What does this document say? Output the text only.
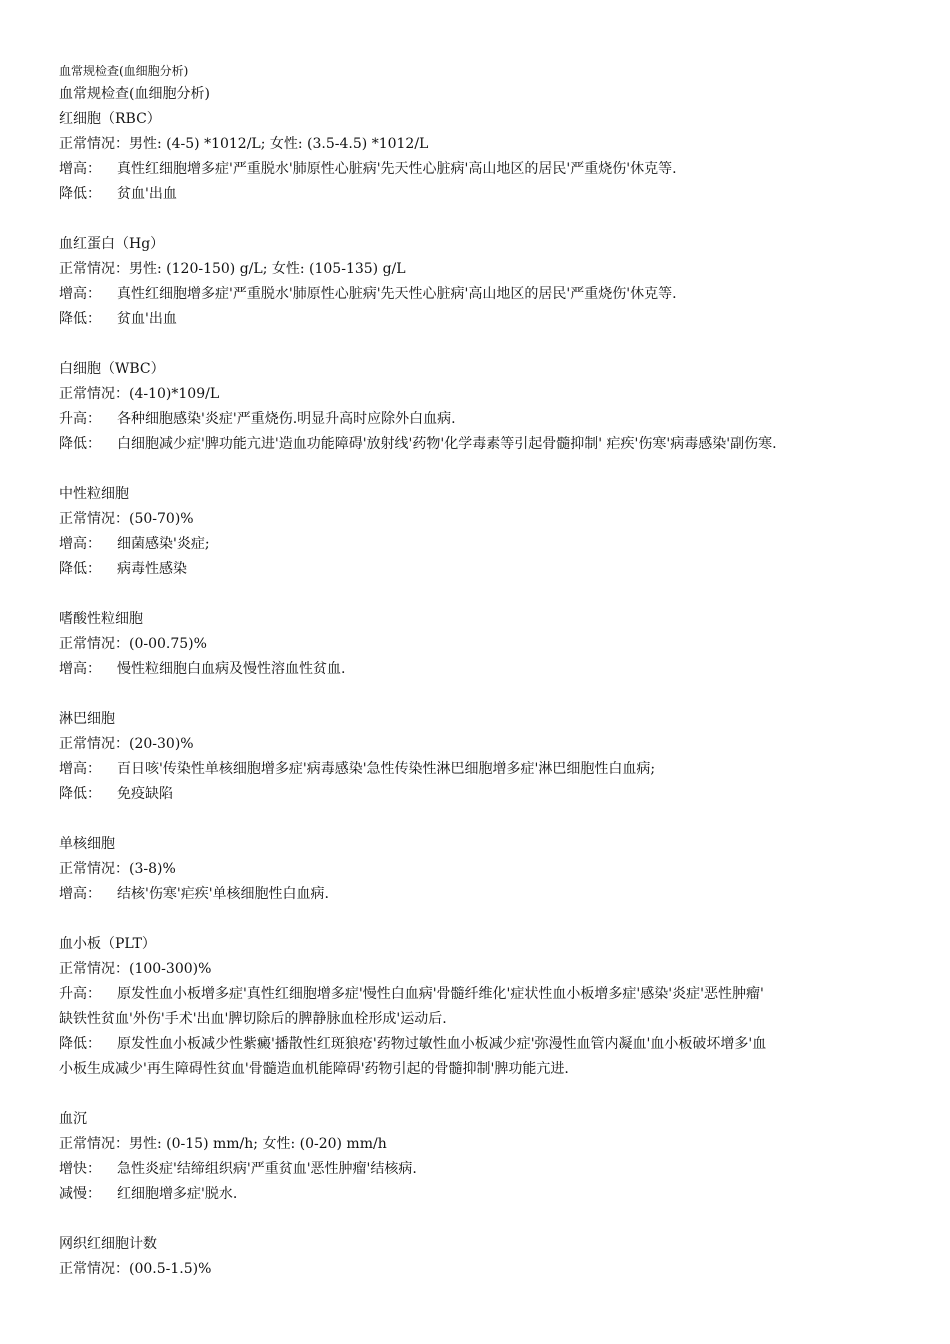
血常规检查(血细胞分析)
血常规检查(血细胞分析)
红细胞（RBC）
正常情况：男性: (4-5) *1012/L; 女性: (3.5-4.5) *1012/L
增高： 真性红细胞增多症'严重脱水'肺原性心脏病'先天性心脏病'高山地区的居民'严重烧伤'休克等.
降低： 贫血'出血
血红蛋白（Hg）
正常情况：男性: (120-150) g/L; 女性: (105-135) g/L
增高： 真性红细胞增多症'严重脱水'肺原性心脏病'先天性心脏病'高山地区的居民'严重烧伤'休克等.
降低： 贫血'出血
白细胞（WBC）
正常情况：(4-10)*109/L
升高： 各种细胞感染'炎症'严重烧伤.明显升高时应除外白血病.
降低： 白细胞减少症'脾功能亢进'造血功能障碍'放射线'药物'化学毒素等引起骨髓抑制' 疟疾'伤寒'病毒感染'副伤寒.
中性粒细胞
正常情况：(50-70)%
增高： 细菌感染'炎症;
降低： 病毒性感染
嗜酸性粒细胞
正常情况：(0-00.75)%
增高： 慢性粒细胞白血病及慢性溶血性贫血.
淋巴细胞
正常情况：(20-30)%
增高： 百日咳'传染性单核细胞增多症'病毒感染'急性传染性淋巴细胞增多症'淋巴细胞性白血病;
降低： 免疫缺陷
单核细胞
正常情况：(3-8)%
增高： 结核'伤寒'疟疾'单核细胞性白血病.
血小板（PLT）
正常情况：(100-300)%
升高： 原发性血小板增多症'真性红细胞增多症'慢性白血病'骨髓纤维化'症状性血小板增多症'感染'炎症'恶性肿瘤'
缺铁性贫血'外伤'手术'出血'脾切除后的脾静脉血栓形成'运动后.
降低： 原发性血小板减少性紫癜'播散性红斑狼疮'药物过敏性血小板减少症'弥漫性血管内凝血'血小板破坏增多'血
小板生成减少'再生障碍性贫血'骨髓造血机能障碍'药物引起的骨髓抑制'脾功能亢进.
血沉
正常情况：男性: (0-15) mm/h; 女性: (0-20) mm/h
增快： 急性炎症'结缔组织病'严重贫血'恶性肿瘤'结核病.
减慢： 红细胞增多症'脱水.
网织红细胞计数
正常情况：(00.5-1.5)%
